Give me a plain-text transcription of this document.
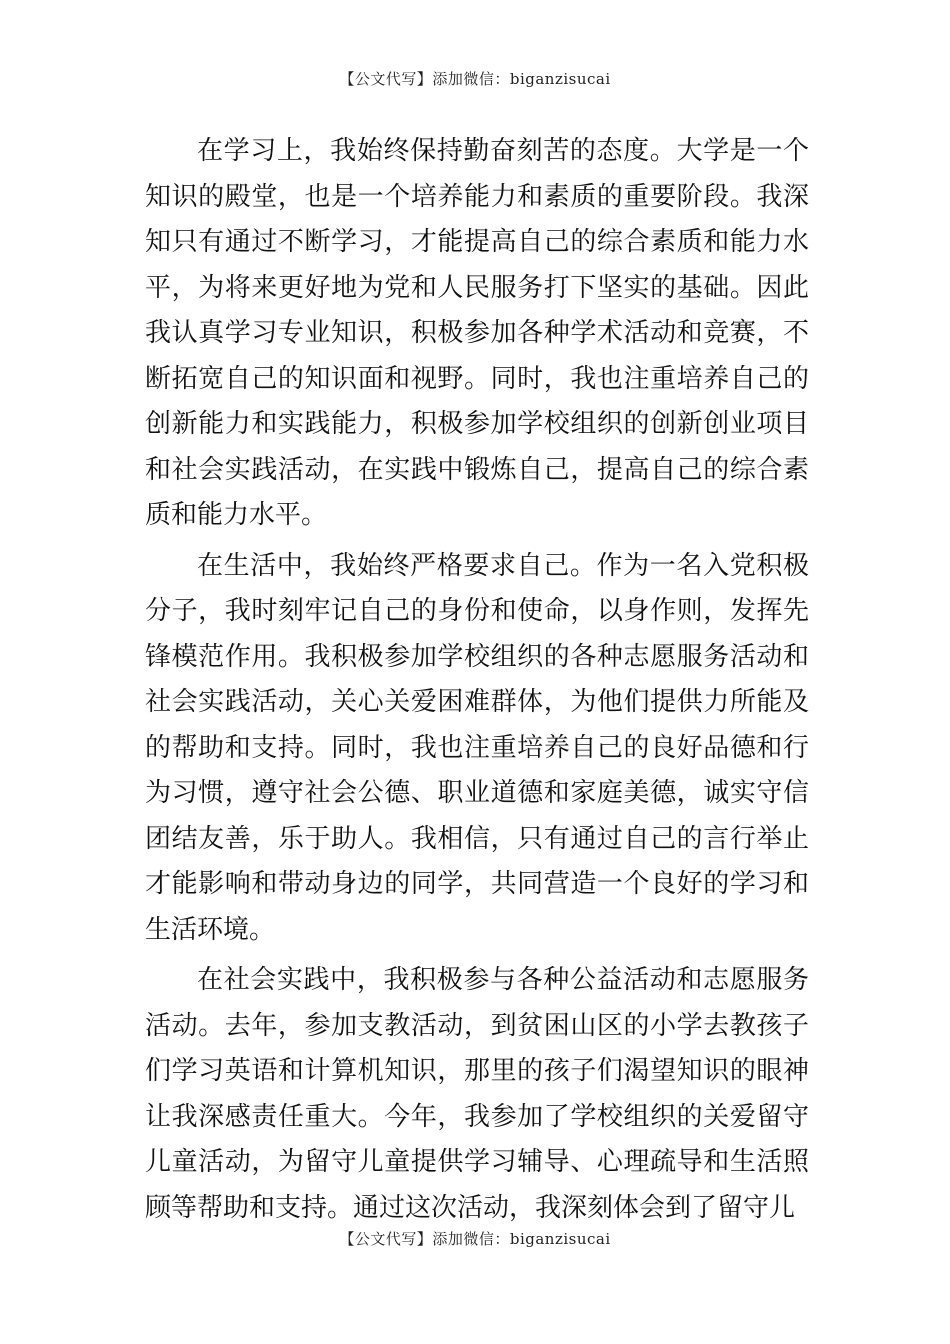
【公文代写】添加微信：biganzisucai

在学习上，我始终保持勤奋刻苦的态度。大学是一个知识的殿堂，也是一个培养能力和素质的重要阶段。我深知只有通过不断学习，才能提高自己的综合素质和能力水平，为将来更好地为党和人民服务打下坚实的基础。因此我认真学习专业知识，积极参加各种学术活动和竞赛，不断拓宽自己的知识面和视野。同时，我也注重培养自己的创新能力和实践能力，积极参加学校组织的创新创业项目和社会实践活动，在实践中锻炼自己，提高自己的综合素质和能力水平。

在生活中，我始终严格要求自己。作为一名入党积极分子，我时刻牢记自己的身份和使命，以身作则，发挥先锋模范作用。我积极参加学校组织的各种志愿服务活动和社会实践活动，关心关爱困难群体，为他们提供力所能及的帮助和支持。同时，我也注重培养自己的良好品德和行为习惯，遵守社会公德、职业道德和家庭美德，诚实守信团结友善，乐于助人。我相信，只有通过自己的言行举止才能影响和带动身边的同学，共同营造一个良好的学习和生活环境。

在社会实践中，我积极参与各种公益活动和志愿服务活动。去年，参加支教活动，到贫困山区的小学去教孩子们学习英语和计算机知识，那里的孩子们渴望知识的眼神让我深感责任重大。今年，我参加了学校组织的关爱留守儿童活动，为留守儿童提供学习辅导、心理疏导和生活照顾等帮助和支持。通过这次活动，我深刻体会到了留守儿

【公文代写】添加微信：biganzisucai
